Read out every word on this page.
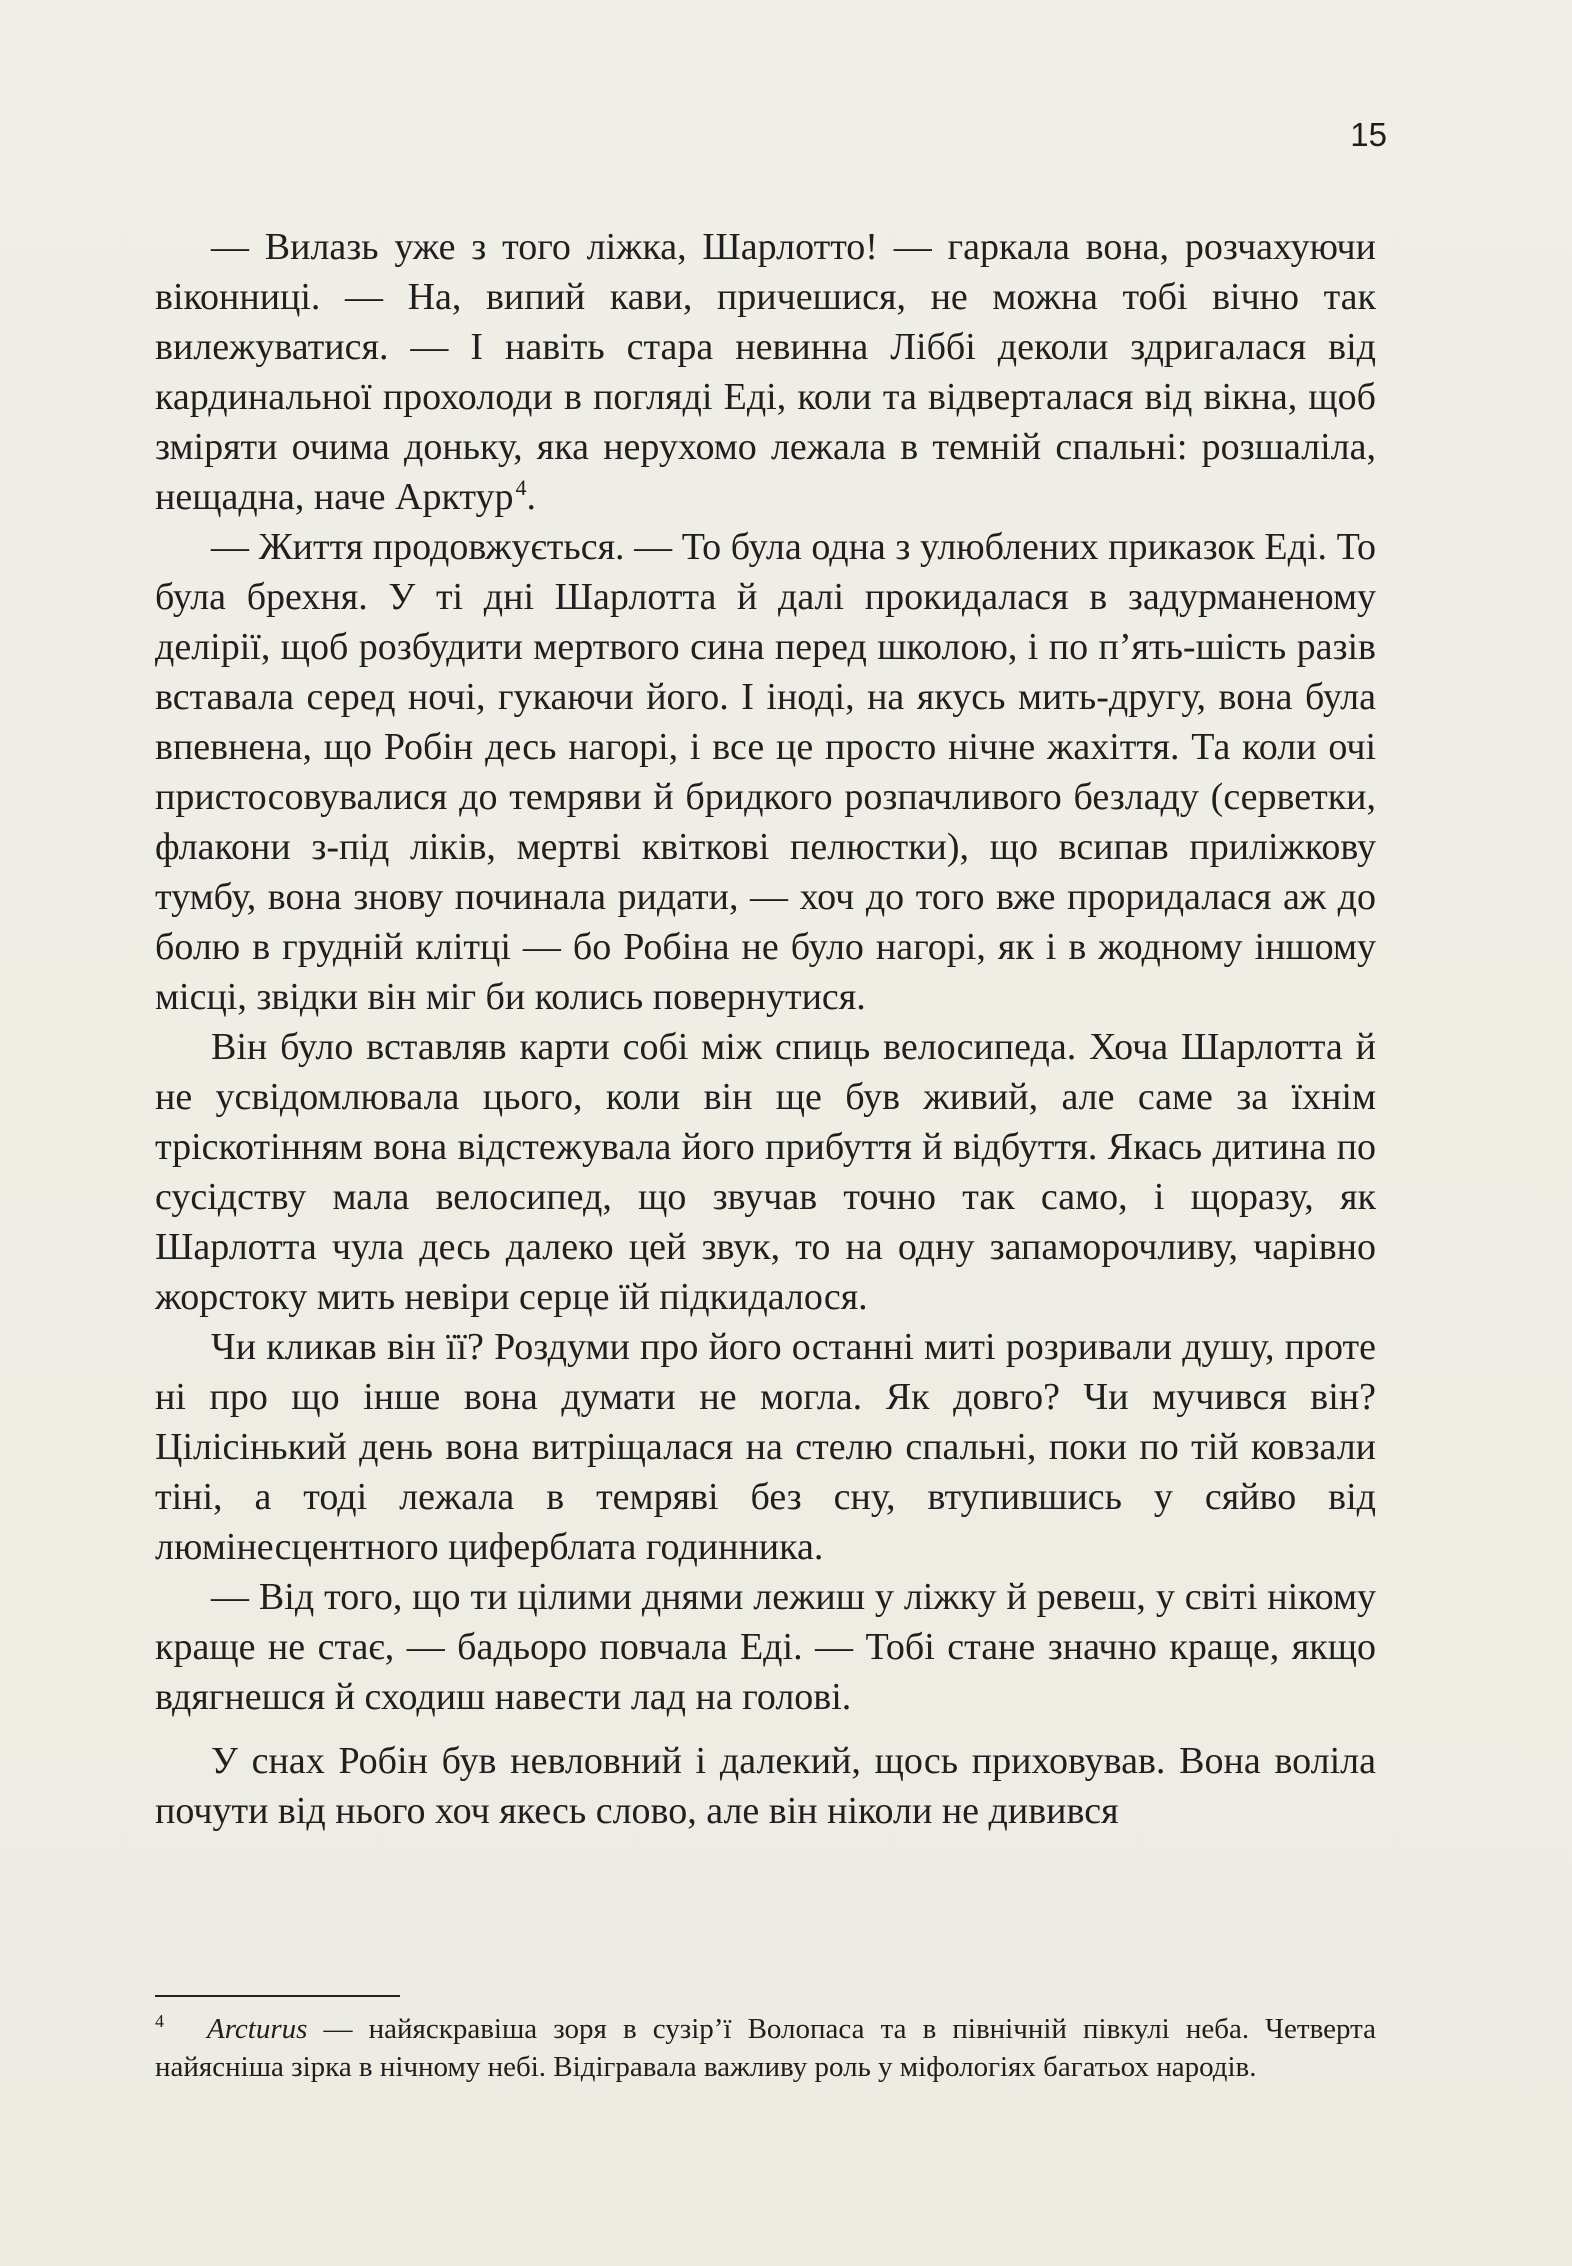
15

— Вилазь уже з того ліжка, Шарлотто! — гаркала вона, розчахуючи віконниці. — На, випий кави, причешися, не можна тобі вічно так вилежуватися. — І навіть стара невинна Ліббі деколи здригалася від кардинальної прохолоди в погляді Еді, коли та відверталася від вікна, щоб зміряти очима доньку, яка нерухомо лежала в темній спальні: розшаліла, нещадна, наче Арктур$^4$.

— Життя продовжується. — То була одна з улюблених приказок Еді. То була брехня. У ті дні Шарлотта й далі прокидалася в задурманеному делірії, щоб розбудити мертвого сина перед школою, і по п’ять-шість разів вставала серед ночі, гукаючи його. І іноді, на якусь мить-другу, вона була впевнена, що Робін десь нагорі, і все це просто нічне жахіття. Та коли очі пристосовувалися до темряви й бридкого розпачливого безладу (серветки, флакони з-під ліків, мертві квіткові пелюстки), що всипав приліжкову тумбу, вона знову починала ридати, — хоч до того вже проридалася аж до болю в грудній клітці — бо Робіна не було нагорі, як і в жодному іншому місці, звідки він міг би колись повернутися.

Він було вставляв карти собі між спиць велосипеда. Хоча Шарлотта й не усвідомлювала цього, коли він ще був живий, але саме за їхнім тріскотінням вона відстежувала його прибуття й відбуття. Якась дитина по сусідству мала велосипед, що звучав точно так само, і щоразу, як Шарлотта чула десь далеко цей звук, то на одну запаморочливу, чарівно жорстоку мить невіри серце їй підкидалося.

Чи кликав він її? Роздуми про його останні миті розривали душу, проте ні про що інше вона думати не могла. Як довго? Чи мучився він? Цілісінький день вона витріщалася на стелю спальні, поки по тій ковзали тіні, а тоді лежала в темряві без сну, втупившись у сяйво від люмінесцентного циферблата годинника.

— Від того, що ти цілими днями лежиш у ліжку й ревеш, у світі нікому краще не стає, — бадьоро повчала Еді. — Тобі стане значно краще, якщо вдягнешся й сходиш навести лад на голові.

У снах Робін був невловний і далекий, щось приховував. Вона воліла почути від нього хоч якесь слово, але він ніколи не дивився

4 Arcturus — найяскравіша зоря в сузір’ї Волопаса та в північній півкулі неба. Четверта найясніша зірка в нічному небі. Відігравала важливу роль у міфологіях багатьох народів.
